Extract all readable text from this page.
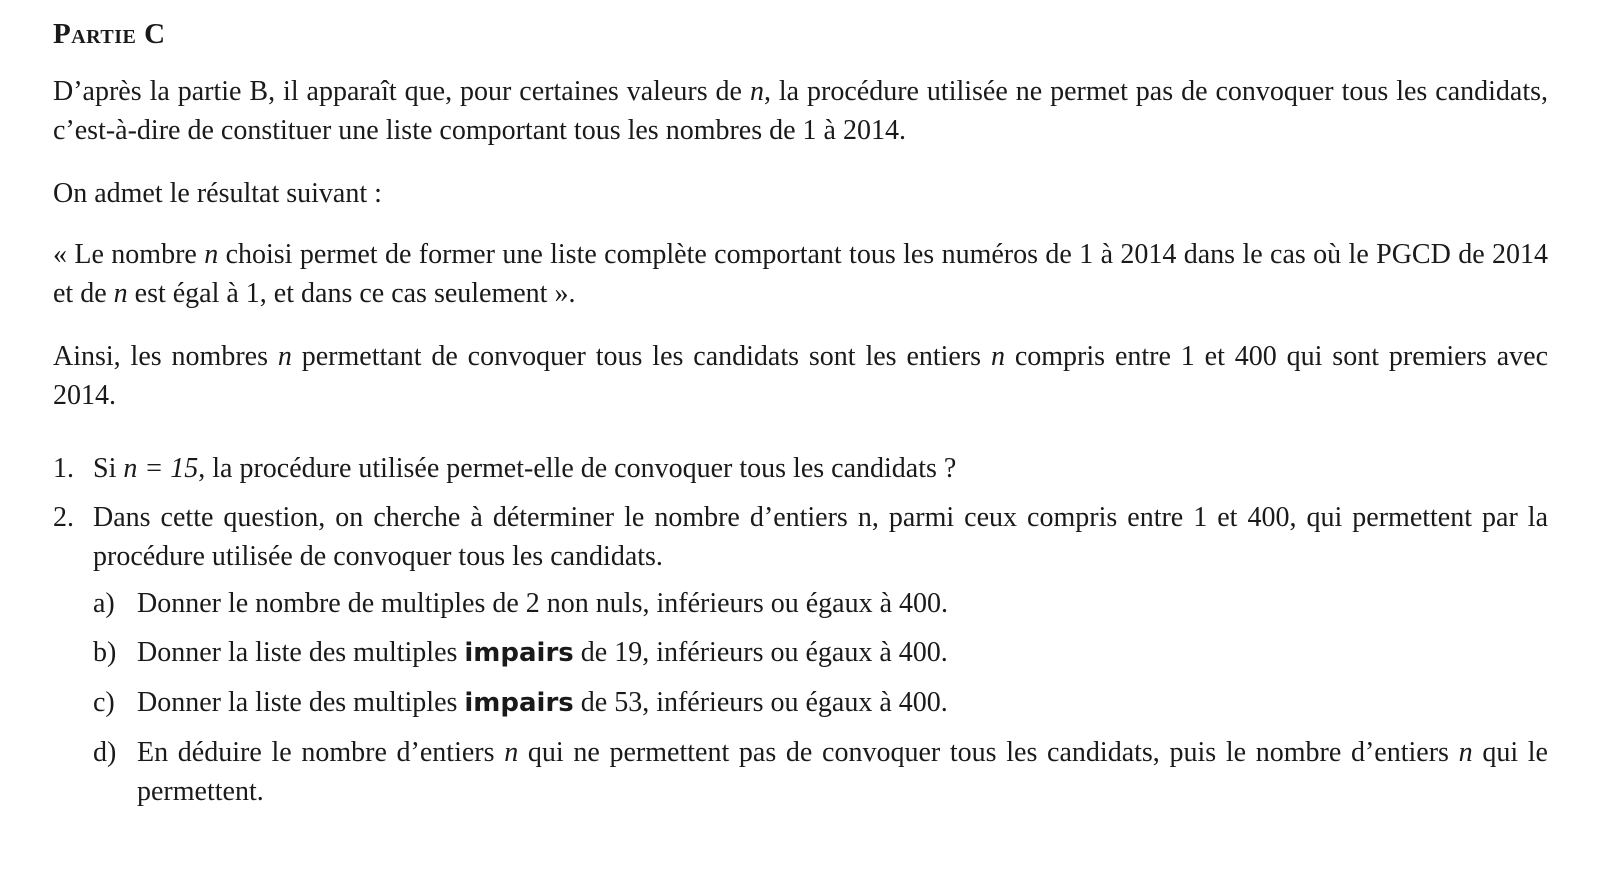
Partie C

D’après la partie B, il apparaît que, pour certaines valeurs de n, la procédure utilisée ne permet pas de convoquer tous les candidats, c’est-à-dire de constituer une liste comportant tous les nombres de 1 à 2014.

On admet le résultat suivant :

« Le nombre n choisi permet de former une liste complète comportant tous les numéros de 1 à 2014 dans le cas où le PGCD de 2014 et de n est égal à 1, et dans ce cas seulement ».

Ainsi, les nombres n permettant de convoquer tous les candidats sont les entiers n compris entre 1 et 400 qui sont premiers avec 2014.

1. Si n = 15, la procédure utilisée permet-elle de convoquer tous les candidats ?
2. Dans cette question, on cherche à déterminer le nombre d’entiers n, parmi ceux compris entre 1 et 400, qui permettent par la procédure utilisée de convoquer tous les candidats.
a) Donner le nombre de multiples de 2 non nuls, inférieurs ou égaux à 400.
b) Donner la liste des multiples impairs de 19, inférieurs ou égaux à 400.
c) Donner la liste des multiples impairs de 53, inférieurs ou égaux à 400.
d) En déduire le nombre d’entiers n qui ne permettent pas de convoquer tous les candidats, puis le nombre d’entiers n qui le permettent.
